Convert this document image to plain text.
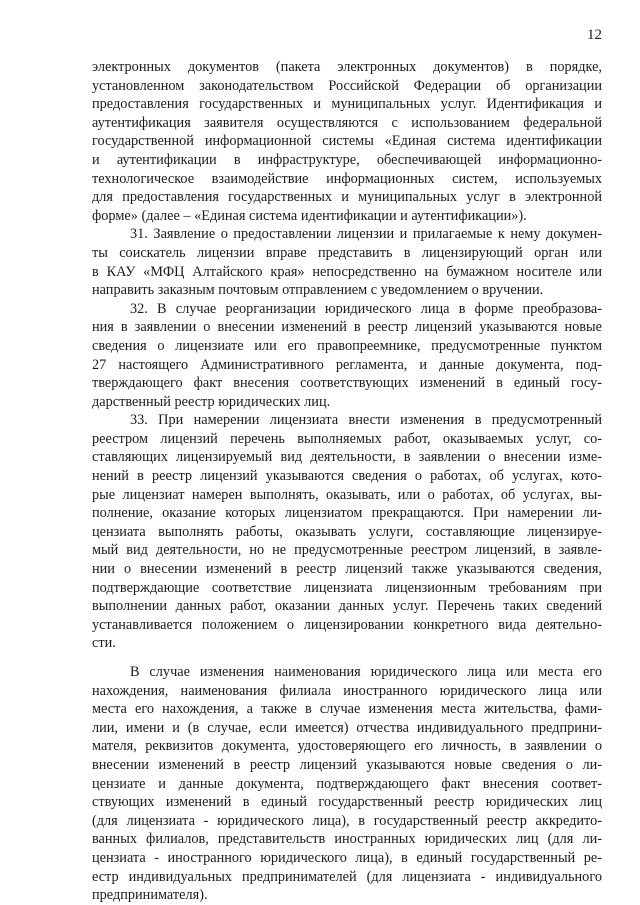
12

электронных документов (пакета электронных документов) в порядке,
установленном законодательством Российской Федерации об организации
предоставления государственных и муниципальных услуг. Идентификация и
аутентификация заявителя осуществляются с использованием федеральной
государственной информационной системы «Единая система идентификации
и аутентификации в инфраструктуре, обеспечивающей информационно-
технологическое взаимодействие информационных систем, используемых
для предоставления государственных и муниципальных услуг в электронной
форме» (далее – «Единая система идентификации и аутентификации»).

31. Заявление о предоставлении лицензии и прилагаемые к нему докумен-
ты соискатель лицензии вправе представить в лицензирующий орган или
в КАУ «МФЦ Алтайского края» непосредственно на бумажном носителе или
направить заказным почтовым отправлением с уведомлением о вручении.

32. В случае реорганизации юридического лица в форме преобразова-
ния в заявлении о внесении изменений в реестр лицензий указываются новые
сведения о лицензиате или его правопреемнике, предусмотренные пунктом
27 настоящего Административного регламента, и данные документа, под-
тверждающего факт внесения соответствующих изменений в единый госу-
дарственный реестр юридических лиц.

33. При намерении лицензиата внести изменения в предусмотренный
реестром лицензий перечень выполняемых работ, оказываемых услуг, со-
ставляющих лицензируемый вид деятельности, в заявлении о внесении изме-
нений в реестр лицензий указываются сведения о работах, об услугах, кото-
рые лицензиат намерен выполнять, оказывать, или о работах, об услугах, вы-
полнение, оказание которых лицензиатом прекращаются. При намерении ли-
цензиата выполнять работы, оказывать услуги, составляющие лицензируе-
мый вид деятельности, но не предусмотренные реестром лицензий, в заявле-
нии о внесении изменений в реестр лицензий также указываются сведения,
подтверждающие соответствие лицензиата лицензионным требованиям при
выполнении данных работ, оказании данных услуг. Перечень таких сведений
устанавливается положением о лицензировании конкретного вида деятельно-
сти.

В случае изменения наименования юридического лица или места его
нахождения, наименования филиала иностранного юридического лица или
места его нахождения, а также в случае изменения места жительства, фами-
лии, имени и (в случае, если имеется) отчества индивидуального предприни-
мателя, реквизитов документа, удостоверяющего его личность, в заявлении о
внесении изменений в реестр лицензий указываются новые сведения о ли-
цензиате и данные документа, подтверждающего факт внесения соответ-
ствующих изменений в единый государственный реестр юридических лиц
(для лицензиата - юридического лица), в государственный реестр аккредито-
ванных филиалов, представительств иностранных юридических лиц (для ли-
цензиата - иностранного юридического лица), в единый государственный ре-
естр индивидуальных предпринимателей (для лицензиата - индивидуального
предпринимателя).
